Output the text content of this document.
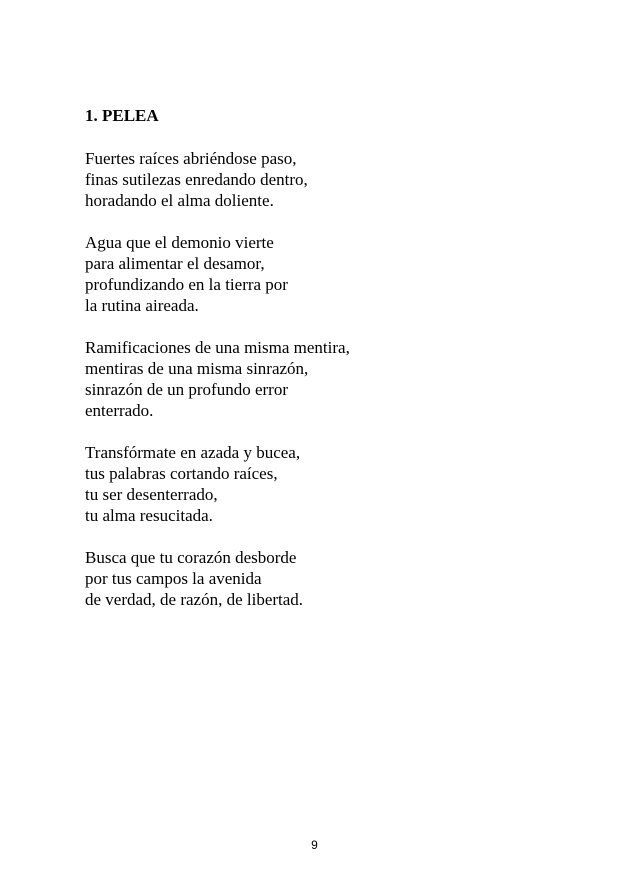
1. PELEA
Fuertes raíces abriéndose paso,
finas sutilezas enredando dentro,
horadando el alma doliente.
Agua que el demonio vierte
para alimentar el desamor,
profundizando en la tierra por
la rutina aireada.
Ramificaciones de una misma mentira,
mentiras de una misma sinrazón,
sinrazón de un profundo error
enterrado.
Transfórmate en azada y bucea,
tus palabras cortando raíces,
tu ser desenterrado,
tu alma resucitada.
Busca que tu corazón desborde
por tus campos la avenida
de verdad, de razón, de libertad.
9
